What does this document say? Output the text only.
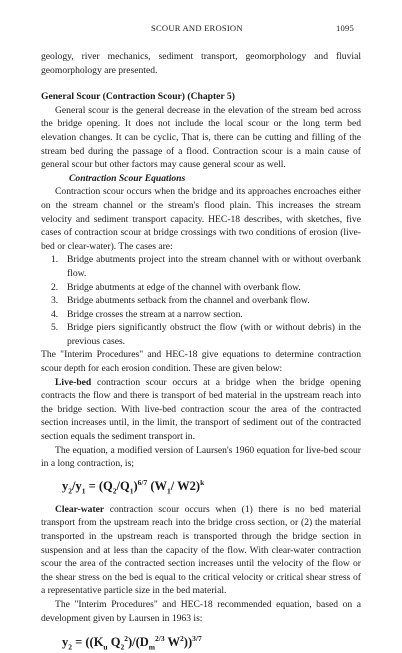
SCOUR AND EROSION	1095

geology, river mechanics, sediment transport, geomorphology and fluvial geomorphology are presented.

General Scour (Contraction Scour) (Chapter 5)

General scour is the general decrease in the elevation of the stream bed across the bridge opening. It does not include the local scour or the long term bed elevation changes. It can be cyclic, That is, there can be cutting and filling of the stream bed during the passage of a flood. Contraction scour is a main cause of general scour but other factors may cause general scour as well.

Contraction Scour Equations

Contraction scour occurs when the bridge and its approaches encroaches either on the stream channel or the stream's flood plain. This increases the stream velocity and sediment transport capacity. HEC-18 describes, with sketches, five cases of contraction scour at bridge crossings with two conditions of erosion (live-bed or clear-water). The cases are:

1. Bridge abutments project into the stream channel with or without overbank flow.
2. Bridge abutments at edge of the channel with overbank flow.
3. Bridge abutments setback from the channel and overbank flow.
4. Bridge crosses the stream at a narrow section.
5. Bridge piers significantly obstruct the flow (with or without debris) in the previous cases.

The "Interim Procedures" and HEC-18 give equations to determine contraction scour depth for each erosion condition. These are given below:

Live-bed contraction scour occurs at a bridge when the bridge opening contracts the flow and there is transport of bed material in the upstream reach into the bridge section. With live-bed contraction scour the area of the contracted section increases until, in the limit, the transport of sediment out of the contracted section equals the sediment transport in.

The equation, a modified version of Laursen's 1960 equation for live-bed scour in a long contraction, is;

$y_2/y_1 = (Q_2/Q_1)^{6/7}$ ($W_1/$ W2)$^k$

Clear-water contraction scour occurs when (1) there is no bed material transport from the upstream reach into the bridge cross section, or (2) the material transported in the upstream reach is transported through the bridge section in suspension and at less than the capacity of the flow. With clear-water contraction scour the area of the contracted section increases until the velocity of the flow or the shear stress on the bed is equal to the critical velocity or critical shear stress of a representative particle size in the bed material.

The "Interim Procedures" and HEC-18 recommended equation, based on a development given by Laursen in 1963 is:

$y_2 = ((K_u$ $Q_2^2)/(D_m^{2/3}$ $W^2))^{3/7}$
